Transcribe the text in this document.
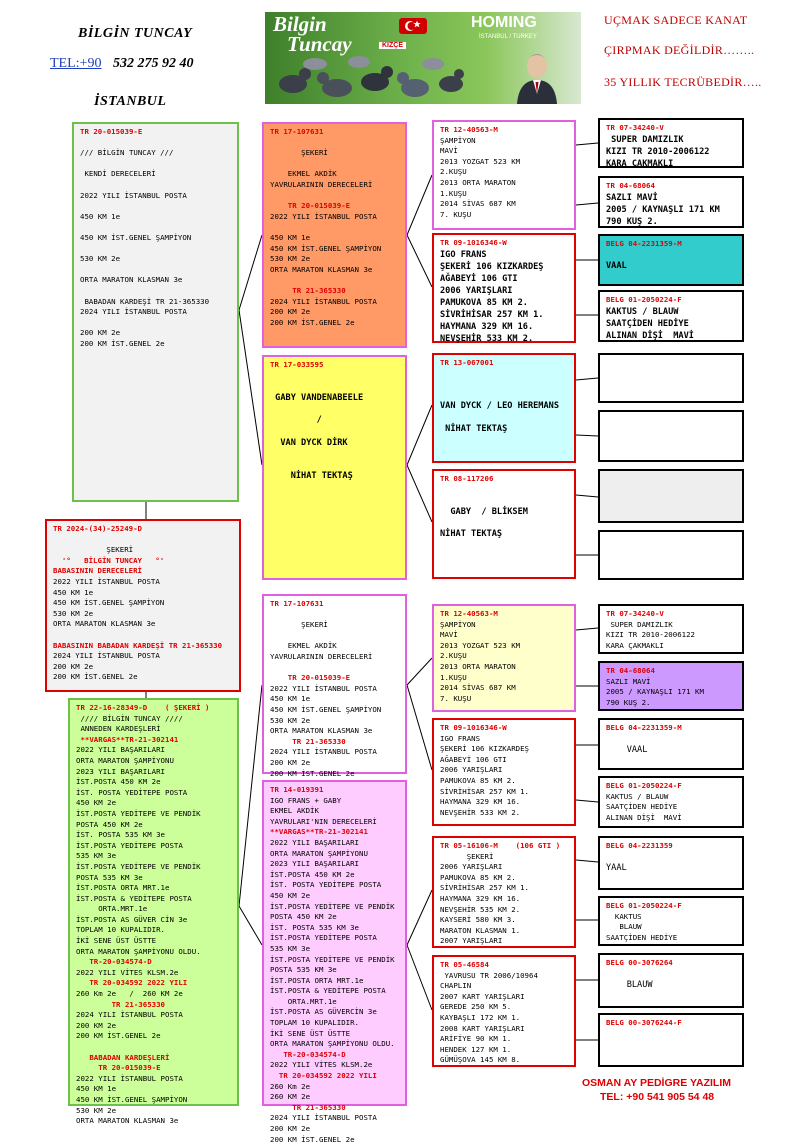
BİLGİN TUNCAY
TEL:+90 532 275 92 40
İSTANBUL
Bilgin
Tuncay	KIZÇE
HOMING
İSTANBUL / TURKEY
UÇMAK SADECE KANAT
ÇIRPMAK DEĞİLDİR……..
35 YILLIK TECRÜBEDİR…..
TR 20-015039-E

/// BİLGİN TUNCAY ///

KENDİ DERECELERİ

2022 YILI İSTANBUL POSTA

450 KM 1e

450 KM İST.GENEL ŞAMPİYON

530 KM 2e

ORTA MARATON KLASMAN 3e

BABADAN KARDEŞİ TR 21-365330
2024 YILI İSTANBUL POSTA

200 KM 2e
200 KM İST.GENEL 2e
TR 2024-(34)-25249-D

ŞEKERİ
'°   BİLGİN TUNCAY   °'
BABASININ DERECELERİ
2022 YILI İSTANBUL POSTA
450 KM 1e
450 KM İST.GENEL ŞAMPİYON
530 KM 2e
ORTA MARATON KLASMAN 3e

BABASININ BABADAN KARDEŞİ TR 21-365330
2024 YILI İSTANBUL POSTA
200 KM 2e
200 KM İST.GENEL 2e
TR 22-16-28349-D    ( ŞEKERİ )
//// BİLGİN TUNCAY ////
ANNEDEN KARDEŞLERİ
**VARGAS**TR-21-302141
2022 YILI BAŞARILARI
ORTA MARATON ŞAMPİYONU
2023 YILI BAŞARILARI
İST.POSTA 450 KM 2e
İST. POSTA YEDİTEPE POSTA
450 KM 2e
İST.POSTA YEDİTEPE VE PENDİK
POSTA 450 KM 2e
İST. POSTA 535 KM 3e
İST.POSTA YEDİTEPE POSTA
535 KM 3e
İST.POSTA YEDİTEPE VE PENDİK
POSTA 535 KM 3e
İST.POSTA ORTA MRT.1e
İST.POSTA & YEDİTEPE POSTA
ORTA.MRT.1e
İST.POSTA AS GÜVER CİN 3e
TOPLAM 10 KUPALIDIR.
İKİ SENE ÜST ÜSTTE
ORTA MARATON ŞAMPİYONU OLDU.
TR-20-034574-D
2022 YILI VİTES KLSM.2e
TR 20-034592 2022 YILI
260 Km 2e   /  260 KM 2e
TR 21-365330
2024 YILI İSTANBUL POSTA
200 KM 2e
200 KM İST.GENEL 2e

BABADAN KARDEŞLERİ
TR 20-015039-E
2022 YILI İSTANBUL POSTA
450 KM 1e
450 KM İST.GENEL ŞAMPİYON
530 KM 2e
ORTA MARATON KLASMAN 3e
TR 17-107631

ŞEKERİ

EKMEL AKDİK
YAVRULARININ DERECELERİ

TR 20-015039-E
2022 YILI İSTANBUL POSTA

450 KM 1e
450 KM İST.GENEL ŞAMPİYON
530 KM 2e
ORTA MARATON KLASMAN 3e

TR 21-365330
2024 YILI İSTANBUL POSTA
200 KM 2e
200 KM İST.GENEL 2e
TR 17-033595

GABY VANDENABEELE

/

VAN DYCK DİRK

NİHAT TEKTAŞ
TR 17-107631

ŞEKERİ

EKMEL AKDİK
YAVRULARININ DERECELERİ

TR 20-015039-E
2022 YILI İSTANBUL POSTA
450 KM 1e
450 KM İST.GENEL ŞAMPİYON
530 KM 2e
ORTA MARATON KLASMAN 3e
TR 21-365330
2024 YILI İSTANBUL POSTA
200 KM 2e
200 KM İST.GENEL 2e
TR 14-019391
IGO FRANS + GABY
EKMEL AKDİK
YAVRULARI'NIN DERECELERİ
**VARGAS**TR-21-302141
2022 YILI BAŞARILARI
ORTA MARATON ŞAMPİYONU
2023 YILI BAŞARILARI
İST.POSTA 450 KM 2e
İST. POSTA YEDİTEPE POSTA
450 KM 2e
İST.POSTA YEDİTEPE VE PENDİK
POSTA 450 KM 2e
İST. POSTA 535 KM 3e
İST.POSTA YEDİTEPE POSTA
535 KM 3e
İST.POSTA YEDİTEPE VE PENDİK
POSTA 535 KM 3e
İST.POSTA ORTA MRT.1e
İST.POSTA & YEDİTEPE POSTA
ORTA.MRT.1e
İST.POSTA AS GÜVERCİN 3e
TOPLAM 10 KUPALIDIR.
İKİ SENE ÜST ÜSTTE
ORTA MARATON ŞAMPİYONU OLDU.
TR-20-034574-D
2022 YILI VİTES KLSM.2e
TR 20-034592 2022 YILI
260 Km 2e
260 KM 2e
TR 21-365330
2024 YILI İSTANBUL POSTA
200 KM 2e
200 KM İST.GENEL 2e
TR 12-40563-M
ŞAMPİYON
MAVİ
2013 YOZGAT 523 KM
2.KUŞU
2013 ORTA MARATON
1.KUŞU
2014 SİVAS 687 KM
7. KUŞU
TR 09-1016346-W
IGO FRANS
ŞEKERİ 106 KIZKARDEŞ
AĞABEYİ 106 GTI
2006 YARIŞLARI
PAMUKOVA 85 KM 2.
SİVRİHİSAR 257 KM 1.
HAYMANA 329 KM 16.
NEVŞEHİR 533 KM 2.
TR 13-067001

VAN DYCK / LEO HEREMANS

NİHAT TEKTAŞ
TR 08-117206

GABY  / BLİKSEM

NİHAT TEKTAŞ
TR 12-40563-M
ŞAMPİYON
MAVİ
2013 YOZGAT 523 KM
2.KUŞU
2013 ORTA MARATON
1.KUŞU
2014 SİVAS 687 KM
7. KUŞU
TR 09-1016346-W
IGO FRANS
ŞEKERİ 106 KIZKARDEŞ
AĞABEYİ 106 GTI
2006 YARIŞLARI
PAMUKOVA 85 KM 2.
SİVRİHİSAR 257 KM 1.
HAYMANA 329 KM 16.
NEVŞEHİR 533 KM 2.
TR 05-16106-M    (106 GTI )
ŞEKERİ
2006 YARIŞLARI
PAMUKOVA 85 KM 2.
SİVRİHİSAR 257 KM 1.
HAYMANA 329 KM 16.
NEVŞEHİR 535 KM 2.
KAYSERİ 580 KM 3.
MARATON KLASMAN 1.
2007 YARIŞLARI
TR 05-46584
YAVRUSU TR 2006/10964
CHAPLIN
2007 KART YARIŞLARI
GEREDE 250 KM 5.
KAYBAŞLI 172 KM 1.
2008 KART YARIŞLARI
ARİFİYE 90 KM 1.
HENDEK 127 KM 1.
GÜMÜŞOVA 145 KM 8.
TR 07-34240-V
SUPER DAMIZLIK
KIZI TR 2010-2006122
KARA ÇAKMAKLI
TR 04-68064
SAZLI MAVİ
2005 / KAYNAŞLI 171 KM
790 KUŞ 2.
BELG 04-2231359-M

VAAL
BELG 01-2050224-F
KAKTUS / BLAUW
SAATÇİDEN HEDİYE
ALINAN DİŞİ  MAVİ
TR 07-34240-V
SUPER DAMIZLIK
KIZI TR 2010-2006122
KARA ÇAKMAKLI
TR 04-68064
SAZLI MAVİ
2005 / KAYNAŞLI 171 KM
790 KUŞ 2.
BELG 04-2231359-M

VAAL
BELG 01-2050224-F
KAKTUS / BLAUW
SAATÇİDEN HEDİYE
ALINAN DİŞİ  MAVİ
BELG 04-2231359

YAAL
BELG 01-2050224-F
KAKTUS
BLAUW
SAATÇİDEN HEDİYE
BELG 00-3076264

BLAUW
BELG 00-3076244-F
OSMAN AY PEDİGRE YAZILIM
TEL: +90 541 905 54 48
